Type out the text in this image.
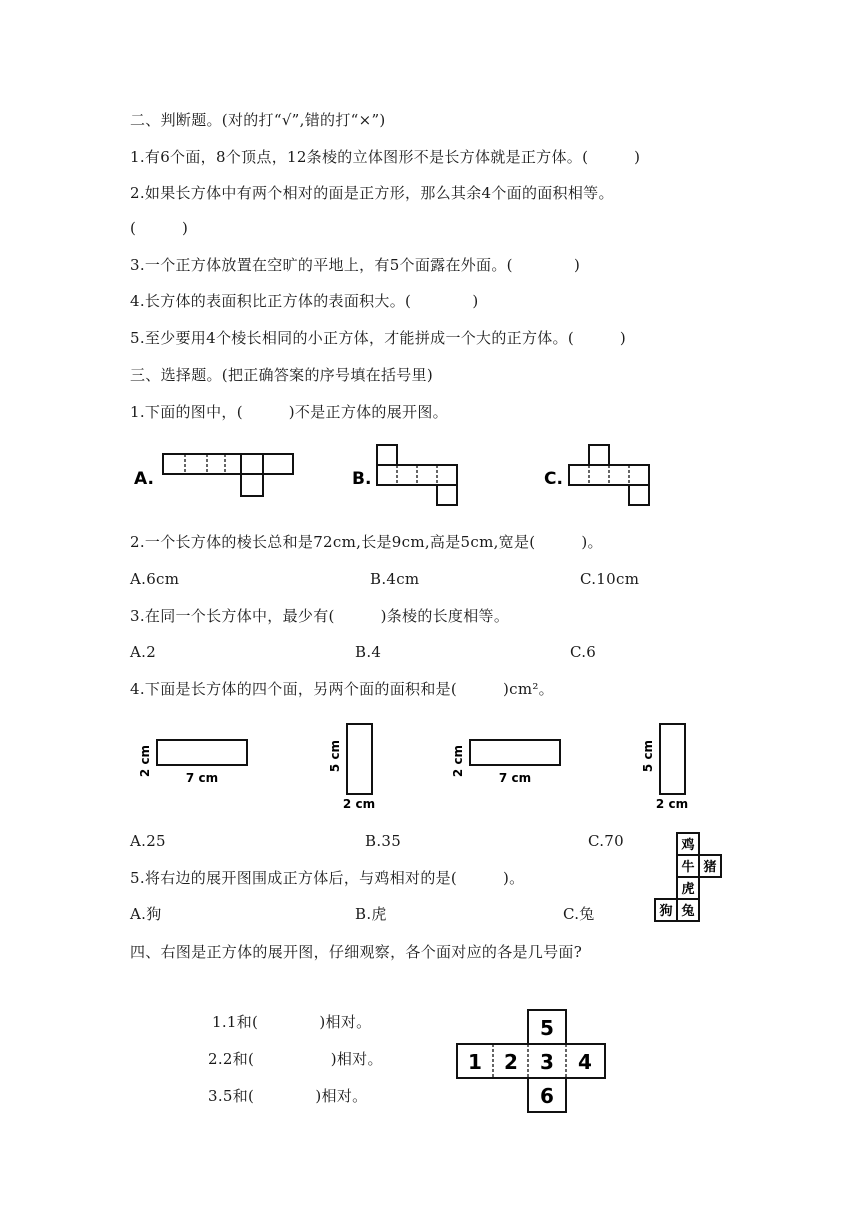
二、判断题。(对的打“√”,错的打“×”)
1.有6个面，8个顶点，12条棱的立体图形不是长方体就是正方体。(　　　)
2.如果长方体中有两个相对的面是正方形，那么其余4个面的面积相等。
(　　　)
3.一个正方体放置在空旷的平地上，有5个面露在外面。(　　　　)
4.长方体的表面积比正方体的表面积大。(　　　　)
5.至少要用4个棱长相同的小正方体，才能拼成一个大的正方体。(　　　)
三、选择题。(把正确答案的序号填在括号里)
1.下面的图中，(　　　)不是正方体的展开图。
A.	B.	C.
2.一个长方体的棱长总和是72cm,长是9cm,高是5cm,宽是(　　　)。
A.6cm	B.4cm	C.10cm
3.在同一个长方体中，最少有(　　　)条棱的长度相等。
A.2	B.4	C.6
4.下面是长方体的四个面，另两个面的面积和是(　　　)cm²。
2 cm
7 cm
5 cm
2 cm
2 cm
7 cm
5 cm
2 cm
A.25	B.35	C.70	鸡
牛 猪
虎
狗 兔
5.将右边的展开图围成正方体后，与鸡相对的是(　　　)。
A.狗	B.虎	C.兔
四、右图是正方体的展开图，仔细观察，各个面对应的各是几号面?
1.1和(　　　　)相对。
2.2和(　　　　　)相对。
3.5和(　　　　)相对。
5
1 2 3 4
6
